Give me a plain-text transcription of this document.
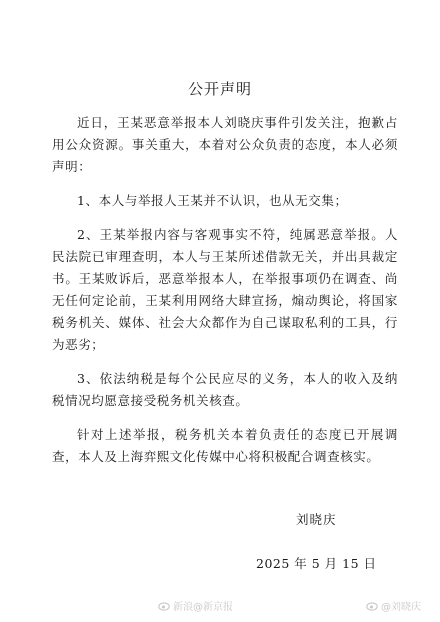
公开声明

近日，王某恶意举报本人刘晓庆事件引发关注，抱歉占用公众资源。事关重大，本着对公众负责的态度，本人必须声明：

1、本人与举报人王某并不认识，也从无交集；

2、王某举报内容与客观事实不符，纯属恶意举报。人民法院已审理查明，本人与王某所述借款无关，并出具裁定书。王某败诉后，恶意举报本人，在举报事项仍在调查、尚无任何定论前，王某利用网络大肆宣扬，煽动舆论，将国家税务机关、媒体、社会大众都作为自己谋取私利的工具，行为恶劣；

3、依法纳税是每个公民应尽的义务，本人的收入及纳税情况均愿意接受税务机关核查。

针对上述举报，税务机关本着负责任的态度已开展调查，本人及上海弈熙文化传媒中心将积极配合调查核实。

刘晓庆
2025 年 5 月 15 日
新浪@新京报	@刘晓庆
